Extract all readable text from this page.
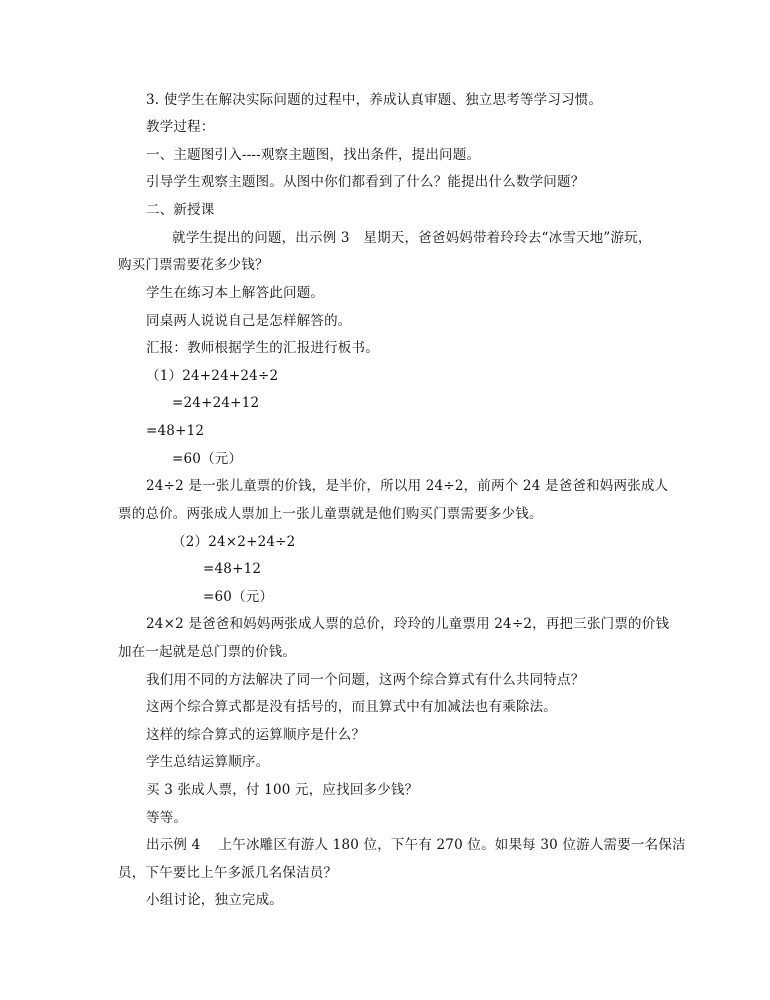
3. 使学生在解决实际问题的过程中，养成认真审题、独立思考等学习习惯。
教学过程：
一、主题图引入----观察主题图，找出条件，提出问题。
引导学生观察主题图。从图中你们都看到了什么？能提出什么数学问题？
二、新授课
就学生提出的问题，出示例 3　星期天，爸爸妈妈带着玲玲去“冰雪天地”游玩，
购买门票需要花多少钱？
学生在练习本上解答此问题。
同桌两人说说自己是怎样解答的。
汇报：教师根据学生的汇报进行板书。
（1）24+24+24÷2
=24+24+12
=48+12
=60（元）
24÷2 是一张儿童票的价钱，是半价，所以用 24÷2，前两个 24 是爸爸和妈两张成人
票的总价。两张成人票加上一张儿童票就是他们购买门票需要多少钱。
（2）24×2+24÷2
=48+12
=60（元）
24×2 是爸爸和妈妈两张成人票的总价，玲玲的儿童票用 24÷2，再把三张门票的价钱
加在一起就是总门票的价钱。
我们用不同的方法解决了同一个问题，这两个综合算式有什么共同特点？
这两个综合算式都是没有括号的，而且算式中有加减法也有乘除法。
这样的综合算式的运算顺序是什么？
学生总结运算顺序。
买 3 张成人票，付 100 元，应找回多少钱？
等等。
出示例 4　 上午冰雕区有游人 180 位，下午有 270 位。如果每 30 位游人需要一名保洁
员，下午要比上午多派几名保洁员？
小组讨论，独立完成。
